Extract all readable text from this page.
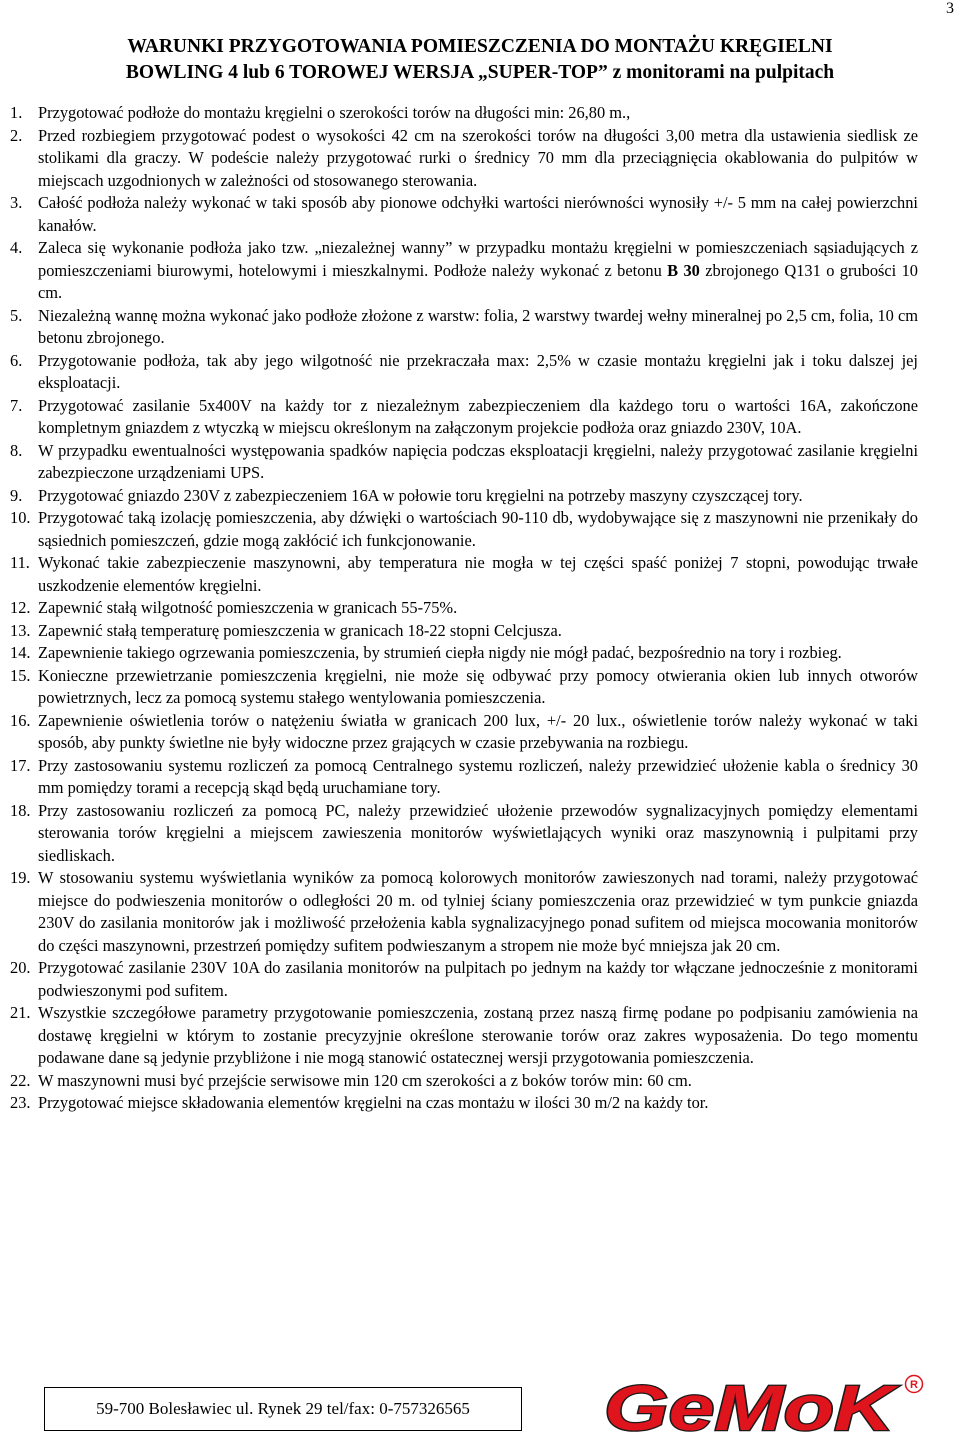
3
WARUNKI PRZYGOTOWANIA POMIESZCZENIA DO MONTAŻU KRĘGIELNI
BOWLING 4 lub 6 TOROWEJ WERSJA „SUPER-TOP” z monitorami na pulpitach
1. Przygotować podłoże do montażu kręgielni o szerokości torów na długości min: 26,80 m.,
2. Przed rozbiegiem przygotować podest o wysokości 42 cm na szerokości torów na długości 3,00 metra dla ustawienia siedlisk ze stolikami dla graczy. W podeście należy przygotować rurki o średnicy 70 mm dla przeciągnięcia okablowania do pulpitów w miejscach uzgodnionych w zależności od stosowanego sterowania.
3. Całość podłoża należy wykonać w taki sposób aby pionowe odchyłki wartości nierówności wynosiły +/- 5 mm na całej powierzchni kanałów.
4. Zaleca się wykonanie podłoża jako tzw. „niezależnej wanny” w przypadku montażu kręgielni w pomieszczeniach sąsiadujących z pomieszczeniami biurowymi, hotelowymi i mieszkalnymi. Podłoże należy wykonać z betonu B 30 zbrojonego Q131 o grubości 10 cm.
5. Niezależną wannę można wykonać jako podłoże złożone z warstw: folia, 2 warstwy twardej wełny mineralnej po 2,5 cm, folia, 10 cm betonu zbrojonego.
6. Przygotowanie podłoża, tak aby jego wilgotność nie przekraczała max: 2,5% w czasie montażu kręgielni jak i toku dalszej jej eksploatacji.
7. Przygotować zasilanie 5x400V na każdy tor z niezależnym zabezpieczeniem dla każdego toru o wartości 16A, zakończone kompletnym gniazdem z wtyczką w miejscu określonym na załączonym projekcie podłoża oraz gniazdo 230V, 10A.
8. W przypadku ewentualności występowania spadków napięcia podczas eksploatacji kręgielni, należy przygotować zasilanie kręgielni zabezpieczone urządzeniami UPS.
9. Przygotować gniazdo 230V z zabezpieczeniem 16A w połowie toru kręgielni na potrzeby maszyny czyszczącej tory.
10. Przygotować taką izolację pomieszczenia, aby dźwięki o wartościach 90-110 db, wydobywające się z maszynowni nie przenikały do sąsiednich pomieszczeń, gdzie mogą zakłócić ich funkcjonowanie.
11. Wykonać takie zabezpieczenie maszynowni, aby temperatura nie mogła w tej części spaść poniżej 7 stopni, powodując trwałe uszkodzenie elementów kręgielni.
12. Zapewnić stałą wilgotność pomieszczenia w granicach 55-75%.
13. Zapewnić stałą temperaturę pomieszczenia w granicach 18-22 stopni Celcjusza.
14. Zapewnienie takiego ogrzewania pomieszczenia, by strumień ciepła nigdy nie mógł padać, bezpośrednio na tory i rozbieg.
15. Konieczne przewietrzanie pomieszczenia kręgielni, nie może się odbywać przy pomocy otwierania okien lub innych otworów powietrznych, lecz za pomocą systemu stałego wentylowania pomieszczenia.
16. Zapewnienie oświetlenia torów o natężeniu światła w granicach 200 lux, +/- 20 lux., oświetlenie torów należy wykonać w taki sposób, aby punkty świetlne nie były widoczne przez grających w czasie przebywania na rozbiegu.
17. Przy zastosowaniu systemu rozliczeń za pomocą Centralnego systemu rozliczeń, należy przewidzieć ułożenie kabla o średnicy 30 mm pomiędzy torami a recepcją skąd będą uruchamiane tory.
18. Przy zastosowaniu rozliczeń za pomocą PC, należy przewidzieć ułożenie przewodów sygnalizacyjnych pomiędzy elementami sterowania torów kręgielni a miejscem zawieszenia monitorów wyświetlających wyniki oraz maszynownią i pulpitami przy siedliskach.
19. W stosowaniu systemu wyświetlania wyników za pomocą kolorowych monitorów zawieszonych nad torami, należy przygotować miejsce do podwieszenia monitorów o odległości 20 m. od tylniej ściany pomieszczenia oraz przewidzieć w tym punkcie gniazda 230V do zasilania monitorów jak i możliwość przełożenia kabla sygnalizacyjnego ponad sufitem od miejsca mocowania monitorów do części maszynowni, przestrzeń pomiędzy sufitem podwieszanym a stropem nie może być mniejsza jak 20 cm.
20. Przygotować zasilanie 230V 10A do zasilania monitorów na pulpitach po jednym na każdy tor włączane jednocześnie z monitorami podwieszonymi pod sufitem.
21. Wszystkie szczegółowe parametry przygotowanie pomieszczenia, zostaną przez naszą firmę podane po podpisaniu zamówienia na dostawę kręgielni w którym to zostanie precyzyjnie określone sterowanie torów oraz zakres wyposażenia. Do tego momentu podawane dane są jedynie przybliżone i nie mogą stanowić ostatecznej wersji przygotowania pomieszczenia.
22. W maszynowni musi być przejście serwisowe min 120 cm szerokości a z boków torów min: 60 cm.
23. Przygotować miejsce składowania elementów kręgielni na czas montażu w ilości 30 m/2 na każdy tor.
59-700 Bolesławiec ul. Rynek 29 tel/fax: 0-757326565 GeMoK R
